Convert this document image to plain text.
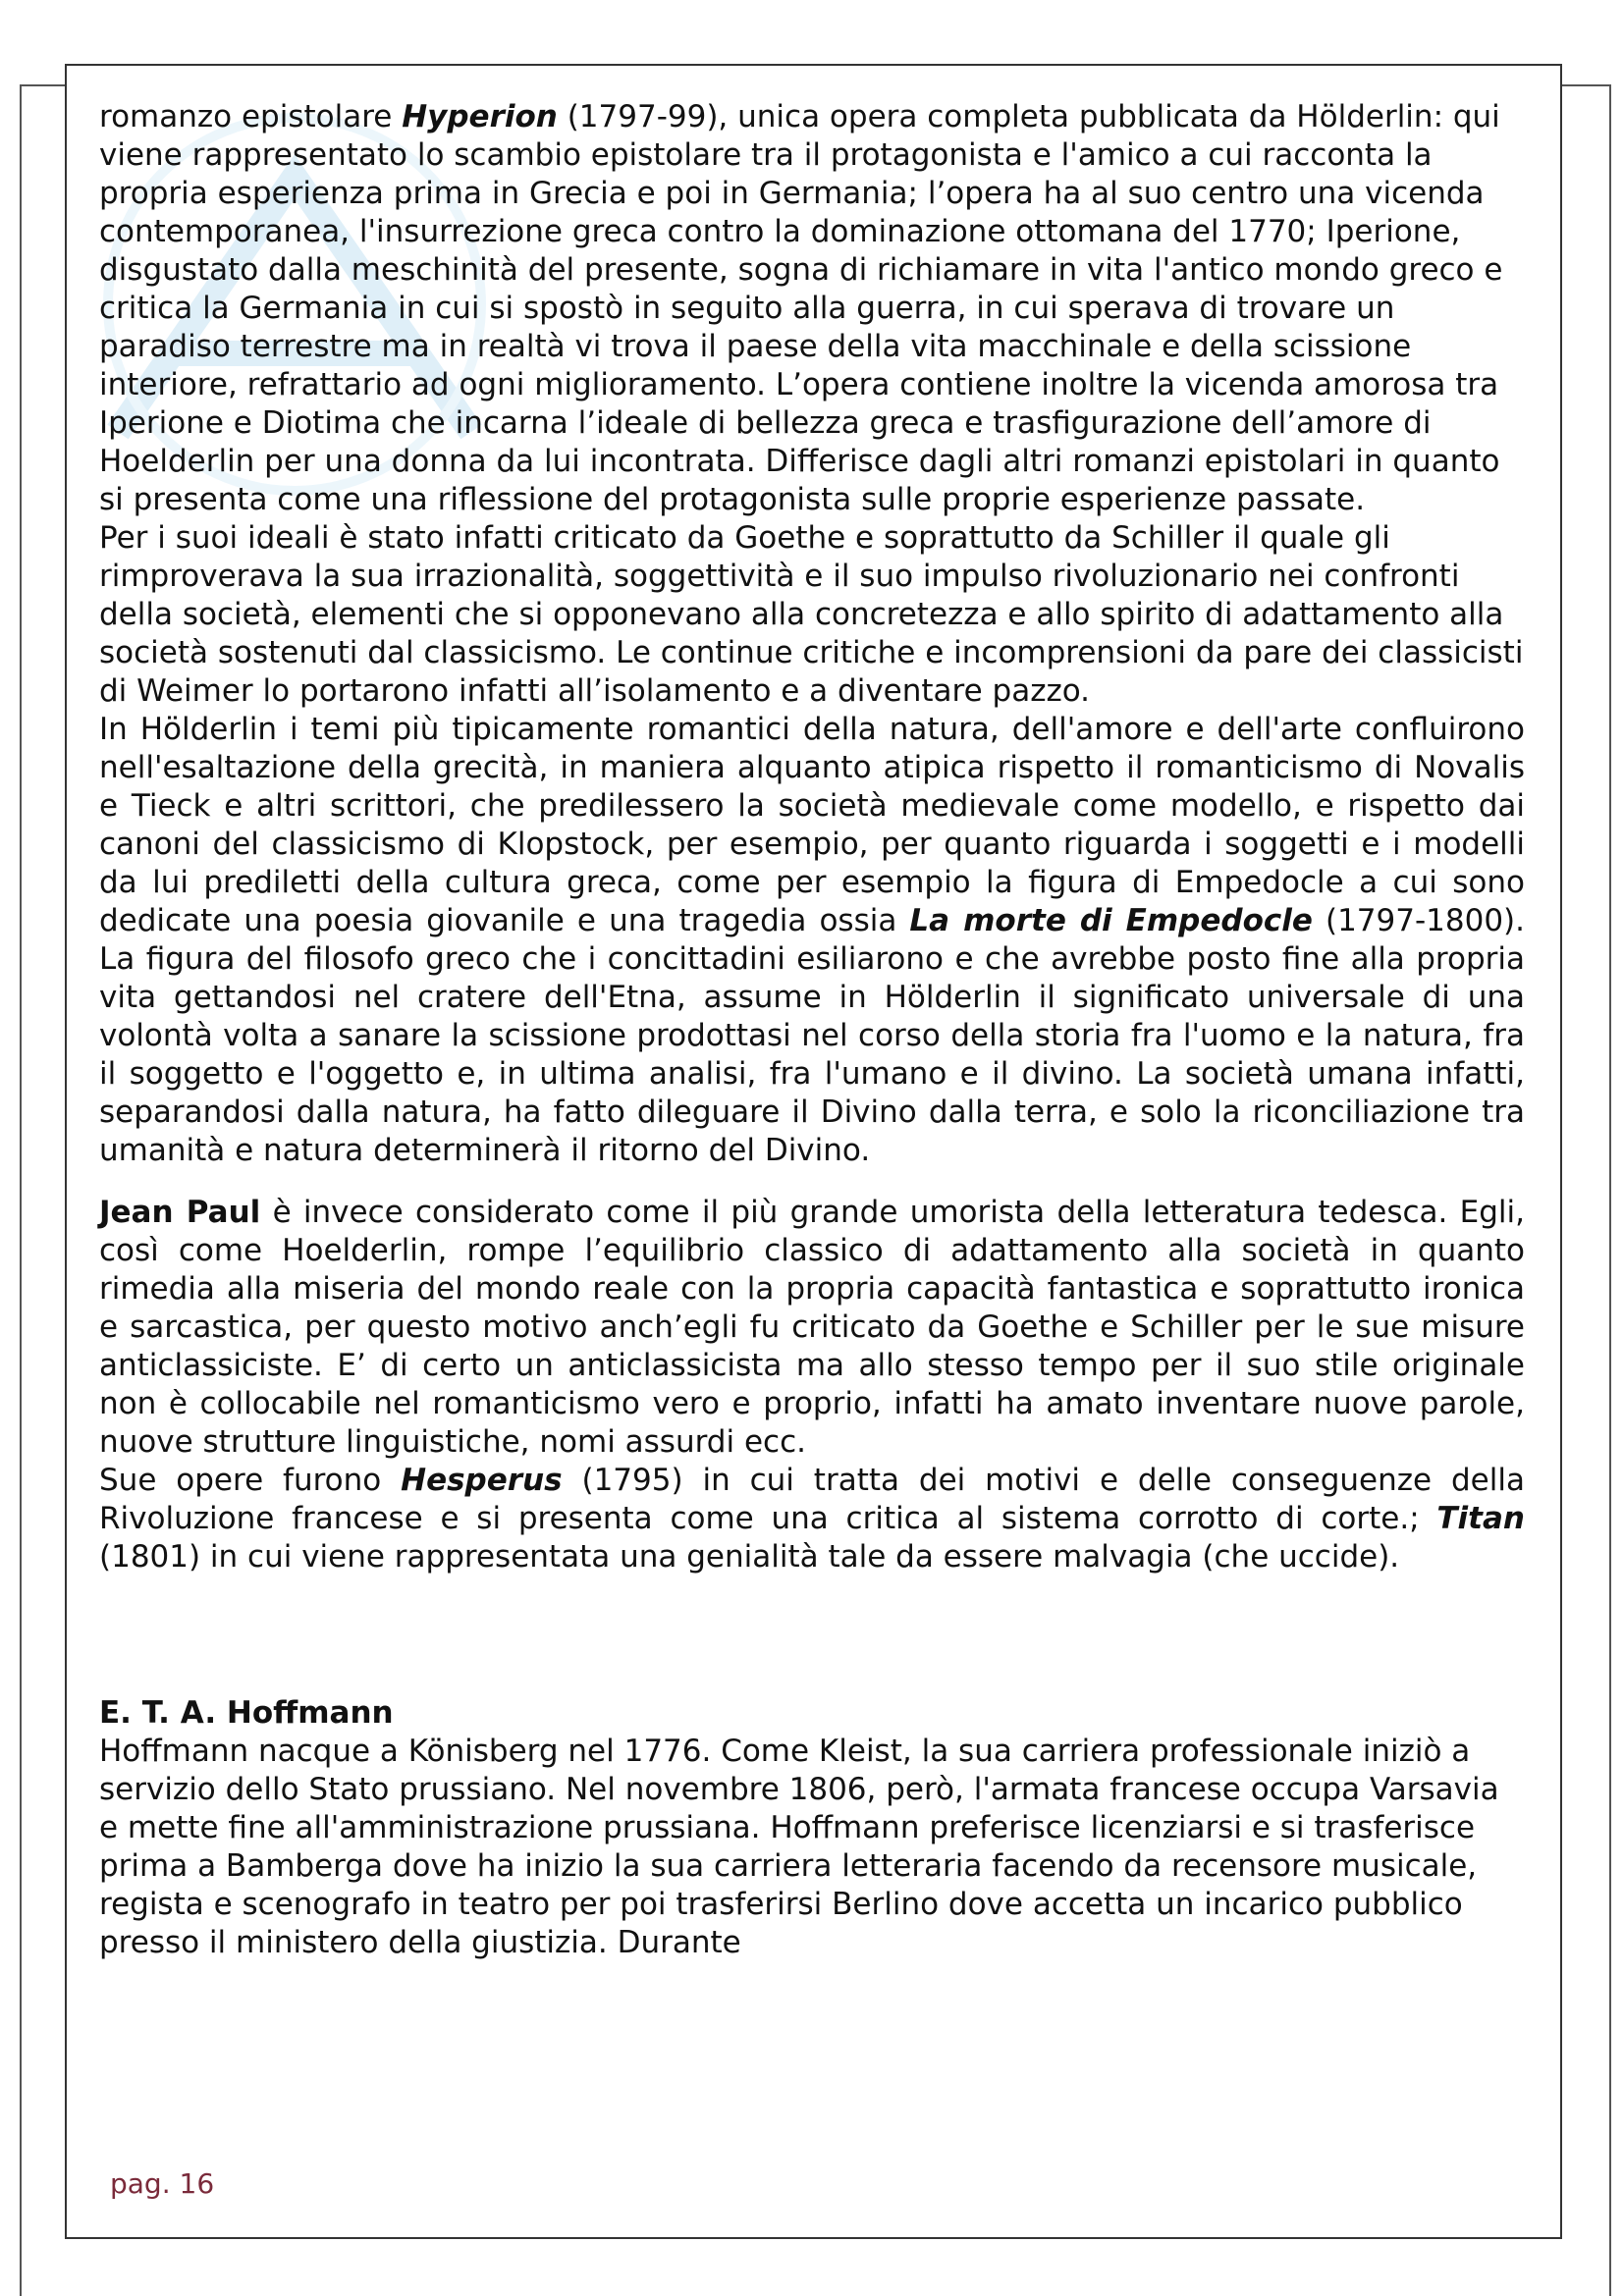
romanzo epistolare Hyperion (1797-99), unica opera completa pubblicata da Hölderlin: qui viene rappresentato lo scambio epistolare tra il protagonista e l'amico a cui racconta la propria esperienza prima in Grecia e poi in Germania; l’opera ha al suo centro una vicenda contemporanea, l'insurrezione greca contro la dominazione ottomana del 1770; Iperione, disgustato dalla meschinità del presente, sogna di richiamare in vita l'antico mondo greco e critica la Germania in cui si spostò in seguito alla guerra, in cui sperava di trovare un paradiso terrestre ma in realtà vi trova il paese della vita macchinale e della scissione interiore, refrattario ad ogni miglioramento. L’opera contiene inoltre la vicenda amorosa tra Iperione e Diotima che incarna l’ideale di bellezza greca e trasfigurazione dell’amore di Hoelderlin per una donna da lui incontrata. Differisce dagli altri romanzi epistolari in quanto si presenta come una riflessione del protagonista sulle proprie esperienze passate.

Per i suoi ideali è stato infatti criticato da Goethe e soprattutto da Schiller il quale gli rimproverava la sua irrazionalità, soggettività e il suo impulso rivoluzionario nei confronti della società, elementi che si opponevano alla concretezza e allo spirito di adattamento alla società sostenuti dal classicismo. Le continue critiche e incomprensioni da pare dei classicisti di Weimer lo portarono infatti all’isolamento e a diventare pazzo.

In Hölderlin i temi più tipicamente romantici della natura, dell'amore e dell'arte confluirono nell'esaltazione della grecità, in maniera alquanto atipica rispetto il romanticismo di Novalis e Tieck e altri scrittori, che predilessero la società medievale come modello, e rispetto dai canoni del classicismo di Klopstock, per esempio, per quanto riguarda i soggetti e i modelli da lui prediletti della cultura greca, come per esempio la figura di Empedocle a cui sono dedicate una poesia giovanile e una tragedia ossia La morte di Empedocle (1797-1800). La figura del filosofo greco che i concittadini esiliarono e che avrebbe posto fine alla propria vita gettandosi nel cratere dell'Etna, assume in Hölderlin il significato universale di una volontà volta a sanare la scissione prodottasi nel corso della storia fra l'uomo e la natura, fra il soggetto e l'oggetto e, in ultima analisi, fra l'umano e il divino. La società umana infatti, separandosi dalla natura, ha fatto dileguare il Divino dalla terra, e solo la riconciliazione tra umanità e natura determinerà il ritorno del Divino.

Jean Paul è invece considerato come il più grande umorista della letteratura tedesca. Egli, così come Hoelderlin, rompe l’equilibrio classico di adattamento alla società in quanto rimedia alla miseria del mondo reale con la propria capacità fantastica e soprattutto ironica e sarcastica, per questo motivo anch’egli fu criticato da Goethe e Schiller per le sue misure anticlassiciste. E’ di certo un anticlassicista ma allo stesso tempo per il suo stile originale non è collocabile nel romanticismo vero e proprio, infatti ha amato inventare nuove parole, nuove strutture linguistiche, nomi assurdi ecc.

Sue opere furono Hesperus (1795) in cui tratta dei motivi e delle conseguenze della Rivoluzione francese e si presenta come una critica al sistema corrotto di corte.; Titan (1801) in cui viene rappresentata una genialità tale da essere malvagia (che uccide).

E. T. A. Hoffmann

Hoffmann nacque a Könisberg nel 1776. Come Kleist, la sua carriera professionale iniziò a servizio dello Stato prussiano. Nel novembre 1806, però, l'armata francese occupa Varsavia e mette fine all'amministrazione prussiana. Hoffmann preferisce licenziarsi e si trasferisce prima a Bamberga dove ha inizio la sua carriera letteraria facendo da recensore musicale, regista e scenografo in teatro per poi trasferirsi Berlino dove accetta un incarico pubblico presso il ministero della giustizia. Durante

pag. 16
